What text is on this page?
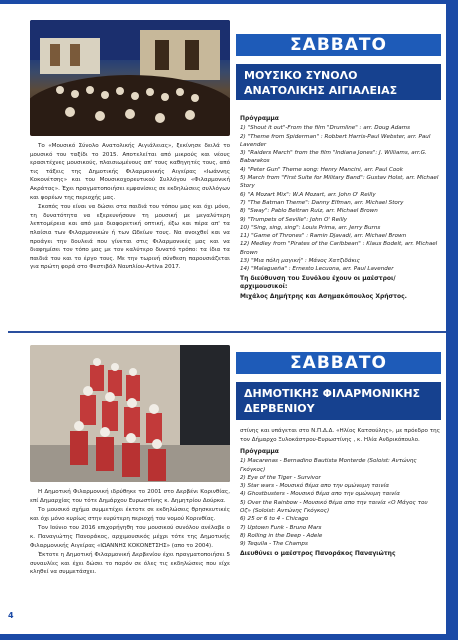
ΣΑΒΒΑΤΟ
ΜΟΥΣΙΚΟ ΣΥΝΟΛΟ
ΑΝΑΤΟΛΙΚΗΣ ΑΙΓΙΑΛΕΙΑΣ

Το «Μουσικό Σύνολο Ανατολικής Αιγιάλειας», ξεκίνησε δειλά το μουσικό του ταξίδι το 2015. Αποτελείται από μικρούς και νέους ερασιτέχνες μουσικούς, πλαισιωμένους απ' τους καθηγητές τους, από τις τάξεις της Δημοτικής Φιλαρμονικής Αιγείρας «Ιωάννης Κοκονέτσης» και του Μουσικοχορευτικού Συλλόγου «Φιλαρμονική Ακράτας». Έχει πραγματοποιήσει εμφανίσεις σε εκδηλώσεις συλλόγων και φορέων της περιοχής μας.

Σκοπός του είναι να δώσει στα παιδιά του τόπου μας και όχι μόνο, τη δυνατότητα να εξερευνήσουν τη μουσική με μεγαλύτερη λεπτομέρεια και από μια διαφορετική οπτική, έξω και πέρα απ' τα πλαίσια των Φιλαρμονικών ή των Ωδείων τους. Να ανοιχθεί και να προάγει την δουλειά που γίνεται στις Φιλαρμονικές μας και να διαφημίσει τον τόπο μας με τον καλύτερο δυνατό τρόπο: τα ίδια τα παιδιά του και το έργο τους. Με την τωρινή σύνθεση παρουσιάζεται για πρώτη φορά στο Φεστιβάλ Ναυπλίου-Artiva 2017.

Πρόγραμμα
1) "Shout it out"-From the film "Drumline" : arr. Doug Adams
2) "Theme from Spiderman" : Robbert Harris-Paul Webster, arr. Paul Lavender
3) "Raiders March" from the film "Indiana Jones": J. Williams, arr.G. Babarakos
4) "Peter Gun" Theme song: Henry Mancini, arr. Paul Cook
5) March from "First Suite for Military Band": Gustav Holst, arr. Michael Story
6) "A Mozart Mix": W.A Mozart, arr. John O' Reilly
7) "The Batman Theme": Danny Elfman, arr. Michael Story
8) "Sway": Pablo Beltran Ruiz, arr. Michael Brown
9) "Trumpets of Seville": John O' Reilly
10) "Sing, sing, sing": Louis Prima, arr. Jerry Burns
11) "Game of Thrones" : Ramin Djavadi, arr. Michael Brown
12) Medley from "Pirates of the Caribbean" : Klaus Bodelt, arr. Michael Brown
13) "Μια πόλη μαγική" : Μάνος Χατζιδάκις
14) "Malagueña" : Ernesto Lecuona, arr. Paul Lavender
Τη διεύθυνση του Συνόλου έχουν οι μαέστροι/αρχιμουσικοί:
Μιχάλος Δημήτρης και Ασημακόπουλος Χρήστος.
ΣΑΒΒΑΤΟ
ΔΗΜΟΤΙΚΗΣ ΦΙΛΑΡΜΟΝΙΚΗΣ
ΔΕΡΒΕΝΙΟΥ
στίνης και υπάγεται στο Ν.Π.Δ.Δ. «Ηλίος Κατσούλης», με πρόεδρο της τον Δήμαρχο Ξυλοκάστρου-Ευρωστίνης , κ. Ηλία Ανδρικόπουλο.

Η Δημοτική Φιλαρμονική ιδρύθηκε το 2001 στο Δερβένι Κορινθίας, επί Δημαρχίας του τότε Δημάρχου Ευρωστίνης κ. Δημητρίου Δούρκα.

Το μουσικό σχήμα συμμετέχει έκτοτε σε εκδηλώσεις θρησκευτικές και όχι μόνο κυρίως στην ευρύτερη περιοχή του νομού Κορινθίας.

Τον Ιούνιο του 2016 επιχορήγηθη του μουσικού συνόλου ανέλαβε ο κ. Παναγιώτης Πανοράκος, αρχιμουσικός μέχρι τότε της Δημοτικής Φιλαρμονικής Αιγείρας «ΙΩΑΝΝΗΣ ΚΟΚΟΝΕΤΣΗΣ» (απο το 2004).

Έκτοτε η Δημοτική Φιλαρμονική Δερβενίου έχει πραγματοποιήσει 5 συναυλίες και έχει δώσει το παρόν σε όλες τις εκδηλώσεις που είχε κληθεί να συμμετάσχει.

Πρόγραμμα
1) Macarenas - Bernadino Bautista Monterde (Soloist: Αντώνης Γκόγκος)
2) Eye of the Tiger - Survivor
3) Star wars - Μουσικό θέμα απο την ομώνυμη ταινία
4) Ghostbusters - Μουσικό θέμα απο την ομώνυμη ταινία
5) Over the Rainbow - Μουσικό θέμα απο την ταινία «O Μάγος του Οζ» (Soloist: Αντώνης Γκόγκος)
6) 25 or 6 to 4 - Chicago
7) Uptown Funk - Bruno Mars
8) Rolling in the Deep - Adele
9) Tequila - The Champs
Διευθύνει ο μαέστρος Πανοράκος Παναγιώτης
4
